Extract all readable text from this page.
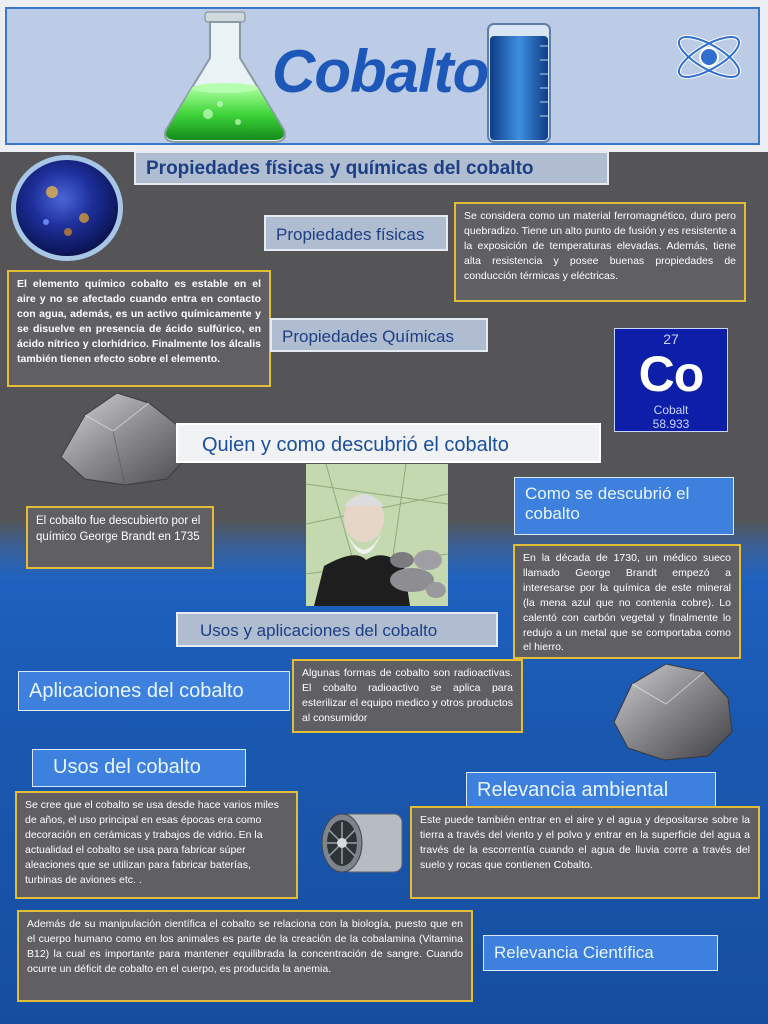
Cobalto
Propiedades físicas y químicas del cobalto
Propiedades físicas
Se considera como un material ferromagnético, duro pero quebradizo. Tiene un alto punto de fusión y es resistente a la exposición de temperaturas elevadas. Además, tiene alta resistencia y posee buenas propiedades de conducción térmicas y eléctricas.
El elemento químico cobalto es estable en el aire y no se afectado cuando entra en contacto con agua, además, es un activo químicamente y se disuelve en presencia de ácido sulfúrico, en ácido nítrico y clorhídrico. Finalmente los álcalis también tienen efecto sobre el elemento.
Propiedades Químicas	27
Co
Cobalt
58.933
Quien y como descubrió el cobalto
Como se descubrió el cobalto
El cobalto fue descubierto por el químico George Brandt en 1735
En la década de 1730, un médico sueco llamado George Brandt empezó a interesarse por la química de este mineral (la mena azul que no contenía cobre). Lo calentó con carbón vegetal y finalmente lo redujo a un metal que se comportaba como el hierro.
Usos y aplicaciones del cobalto
Aplicaciones del cobalto
Algunas formas de cobalto son radioactivas. El cobalto radioactivo se aplica para esterilizar el equipo medico y otros productos al consumidor
Usos del cobalto
Relevancia ambiental
Se cree que el cobalto se usa desde hace varios miles de años, el uso principal en esas épocas era como decoración en cerámicas y trabajos de vidrio. En la actualidad el cobalto se usa para fabricar súper aleaciones que se utilizan para fabricar baterías, turbinas de aviones etc. .
Este puede también entrar en el aire y el agua y depositarse sobre la tierra a través del viento y el polvo y entrar en la superficie del agua a través de la escorrentía cuando el agua de lluvia corre a través del suelo y rocas que contienen Cobalto.
Además de su manipulación científica el cobalto se relaciona con la biología, puesto que en el cuerpo humano como en los animales es parte de la creación de la cobalamina (Vitamina B12) la cual es importante para mantener equilibrada la concentración de sangre. Cuando ocurre un déficit de cobalto en el cuerpo, es producida la anemia.
Relevancia Científica
